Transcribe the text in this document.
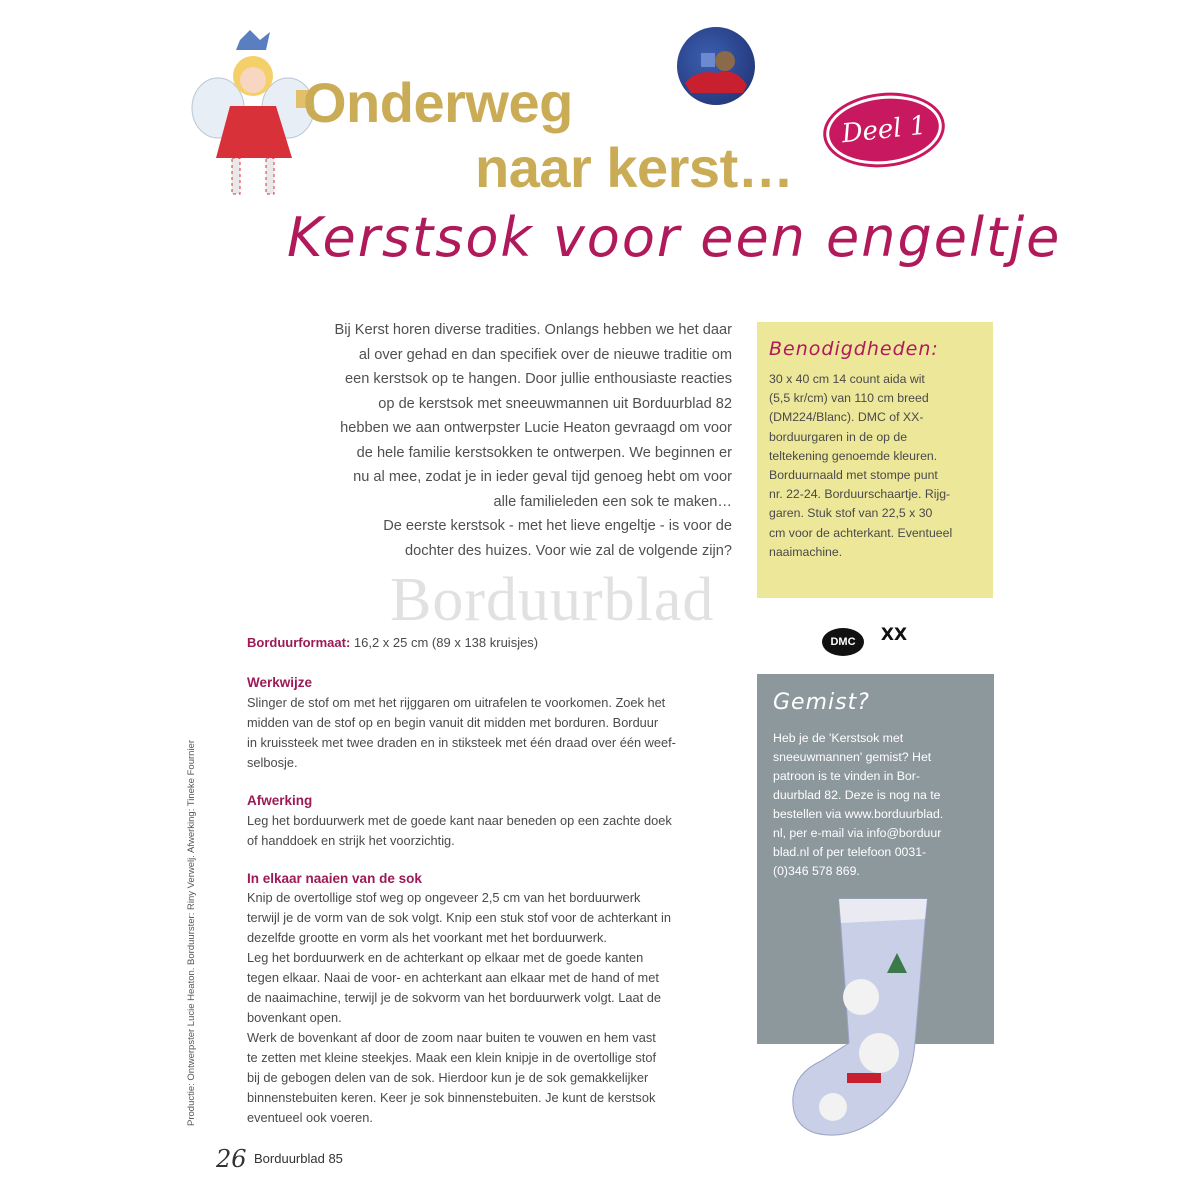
Onderweg
naar kerst…
Deel 1
Kerstsok voor een engeltje
Bij Kerst horen diverse tradities. Onlangs hebben we het daar
al over gehad en dan specifiek over de nieuwe traditie om
een kerstsok op te hangen. Door jullie enthousiaste reacties
op de kerstsok met sneeuwmannen uit Borduurblad 82
hebben we aan ontwerpster Lucie Heaton gevraagd om voor
de hele familie kerstsokken te ontwerpen. We beginnen er
nu al mee, zodat je in ieder geval tijd genoeg hebt om voor
alle familieleden een sok te maken…
De eerste kerstsok - met het lieve engeltje - is voor de
dochter des huizes. Voor wie zal de volgende zijn?
Benodigdheden:
30 x 40 cm 14 count aida wit
(5,5 kr/cm) van 110 cm breed
(DM224/Blanc). DMC of XX-
borduurgaren in de op de
teltekening genoemde kleuren.
Borduurnaald met stompe punt
nr. 22-24. Borduurschaartje. Rijg-
garen. Stuk stof van 22,5 x 30
cm voor de achterkant. Eventueel
naaimachine.
Borduurblad
DMC	XX
Borduurformaat: 16,2 x 25 cm (89 x 138 kruisjes)
Werkwijze
Slinger de stof om met het rijggaren om uitrafelen te voorkomen. Zoek het
midden van de stof op en begin vanuit dit midden met borduren. Borduur
in kruissteek met twee draden en in stiksteek met één draad over één weef-
selbosje.
Afwerking
Leg het borduurwerk met de goede kant naar beneden op een zachte doek
of handdoek en strijk het voorzichtig.
In elkaar naaien van de sok
Knip de overtollige stof weg op ongeveer 2,5 cm van het borduurwerk
terwijl je de vorm van de sok volgt. Knip een stuk stof voor de achterkant in
dezelfde grootte en vorm als het voorkant met het borduurwerk.
Leg het borduurwerk en de achterkant op elkaar met de goede kanten
tegen elkaar. Naai de voor- en achterkant aan elkaar met de hand of met
de naaimachine, terwijl je de sokvorm van het borduurwerk volgt. Laat de
bovenkant open.
Werk de bovenkant af door de zoom naar buiten te vouwen en hem vast
te zetten met kleine steekjes. Maak een klein knipje in de overtollige stof
bij de gebogen delen van de sok. Hierdoor kun je de sok gemakkelijker
binnenstebuiten keren. Keer je sok binnenstebuiten. Je kunt de kerstsok
eventueel ook voeren.
Gemist?
Heb je de 'Kerstsok met
sneeuwmannen' gemist? Het
patroon is te vinden in Bor-
duurblad 82. Deze is nog na te
bestellen via www.borduurblad.
nl, per e-mail via info@borduur
blad.nl of per telefoon 0031-
(0)346 578 869.
Productie: Ontwerpster Lucie Heaton. Borduurster: Riny Verwelj. Afwerking: Tineke Fournier
26 Borduurblad 85
